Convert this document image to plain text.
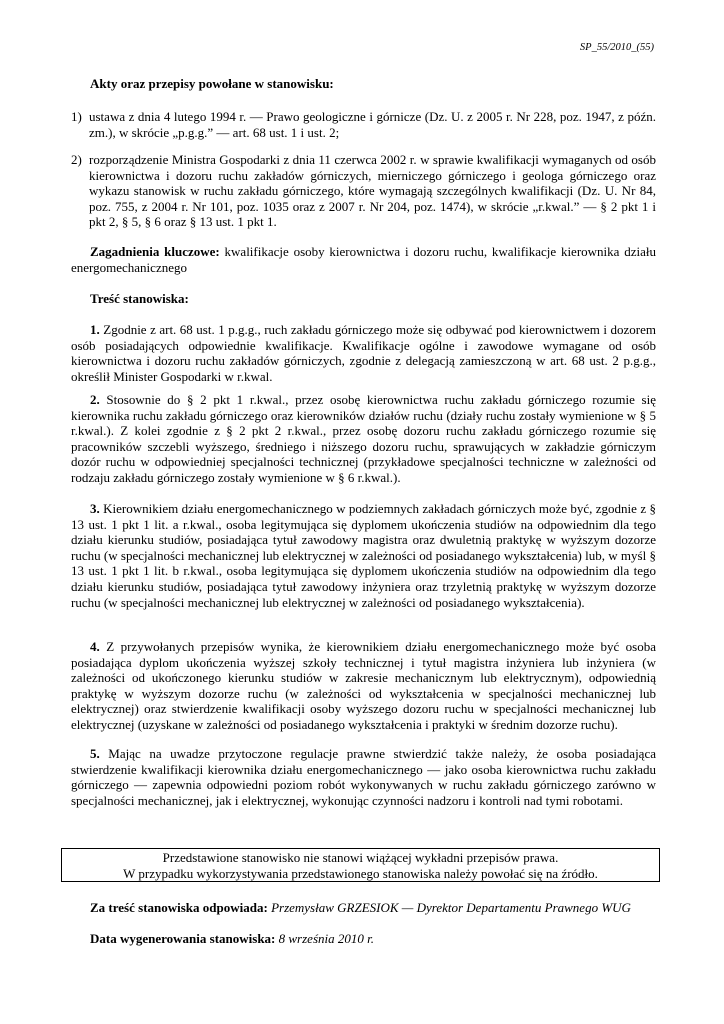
SP_55/2010_(55)
Akty oraz przepisy powołane w stanowisku:
1) ustawa z dnia 4 lutego 1994 r. — Prawo geologiczne i górnicze (Dz. U. z 2005 r. Nr 228, poz. 1947, z późn. zm.), w skrócie „p.g.g.” — art. 68 ust. 1 i ust. 2;
2) rozporządzenie Ministra Gospodarki z dnia 11 czerwca 2002 r. w sprawie kwalifikacji wymaganych od osób kierownictwa i dozoru ruchu zakładów górniczych, mierniczego górniczego i geologa górniczego oraz wykazu stanowisk w ruchu zakładu górniczego, które wymagają szczególnych kwalifikacji (Dz. U. Nr 84, poz. 755, z 2004 r. Nr 101, poz. 1035 oraz z 2007 r. Nr 204, poz. 1474), w skrócie „r.kwal.” — § 2 pkt 1 i pkt 2, § 5, § 6 oraz § 13 ust. 1 pkt 1.
Zagadnienia kluczowe: kwalifikacje osoby kierownictwa i dozoru ruchu, kwalifikacje kierownika działu energomechanicznego
Treść stanowiska:
1. Zgodnie z art. 68 ust. 1 p.g.g., ruch zakładu górniczego może się odbywać pod kierownictwem i dozorem osób posiadających odpowiednie kwalifikacje. Kwalifikacje ogólne i zawodowe wymagane od osób kierownictwa i dozoru ruchu zakładów górniczych, zgodnie z delegacją zamieszczoną w art. 68 ust. 2 p.g.g., określił Minister Gospodarki w r.kwal.
2. Stosownie do § 2 pkt 1 r.kwal., przez osobę kierownictwa ruchu zakładu górniczego rozumie się kierownika ruchu zakładu górniczego oraz kierowników działów ruchu (działy ruchu zostały wymienione w § 5 r.kwal.). Z kolei zgodnie z § 2 pkt 2 r.kwal., przez osobę dozoru ruchu zakładu górniczego rozumie się pracowników szczebli wyższego, średniego i niższego dozoru ruchu, sprawujących w zakładzie górniczym dozór ruchu w odpowiedniej specjalności technicznej (przykładowe specjalności techniczne w zależności od rodzaju zakładu górniczego zostały wymienione w § 6 r.kwal.).
3. Kierownikiem działu energomechanicznego w podziemnych zakładach górniczych może być, zgodnie z § 13 ust. 1 pkt 1 lit. a r.kwal., osoba legitymująca się dyplomem ukończenia studiów na odpowiednim dla tego działu kierunku studiów, posiadająca tytuł zawodowy magistra oraz dwuletnią praktykę w wyższym dozorze ruchu (w specjalności mechanicznej lub elektrycznej w zależności od posiadanego wykształcenia) lub, w myśl § 13 ust. 1 pkt 1 lit. b r.kwal., osoba legitymująca się dyplomem ukończenia studiów na odpowiednim dla tego działu kierunku studiów, posiadająca tytuł zawodowy inżyniera oraz trzyletnią praktykę w wyższym dozorze ruchu (w specjalności mechanicznej lub elektrycznej w zależności od posiadanego wykształcenia).
4. Z przywołanych przepisów wynika, że kierownikiem działu energomechanicznego może być osoba posiadająca dyplom ukończenia wyższej szkoły technicznej i tytuł magistra inżyniera lub inżyniera (w zależności od ukończonego kierunku studiów w zakresie mechanicznym lub elektrycznym), odpowiednią praktykę w wyższym dozorze ruchu (w zależności od wykształcenia w specjalności mechanicznej lub elektrycznej) oraz stwierdzenie kwalifikacji osoby wyższego dozoru ruchu w specjalności mechanicznej lub elektrycznej (uzyskane w zależności od posiadanego wykształcenia i praktyki w średnim dozorze ruchu).
5. Mając na uwadze przytoczone regulacje prawne stwierdzić także należy, że osoba posiadająca stwierdzenie kwalifikacji kierownika działu energomechanicznego — jako osoba kierownictwa ruchu zakładu górniczego — zapewnia odpowiedni poziom robót wykonywanych w ruchu zakładu górniczego zarówno w specjalności mechanicznej, jak i elektrycznej, wykonując czynności nadzoru i kontroli nad tymi robotami.
Przedstawione stanowisko nie stanowi wiążącej wykładni przepisów prawa.
W przypadku wykorzystywania przedstawionego stanowiska należy powołać się na źródło.
Za treść stanowiska odpowiada: Przemysław GRZESIOK — Dyrektor Departamentu Prawnego WUG
Data wygenerowania stanowiska: 8 września 2010 r.
